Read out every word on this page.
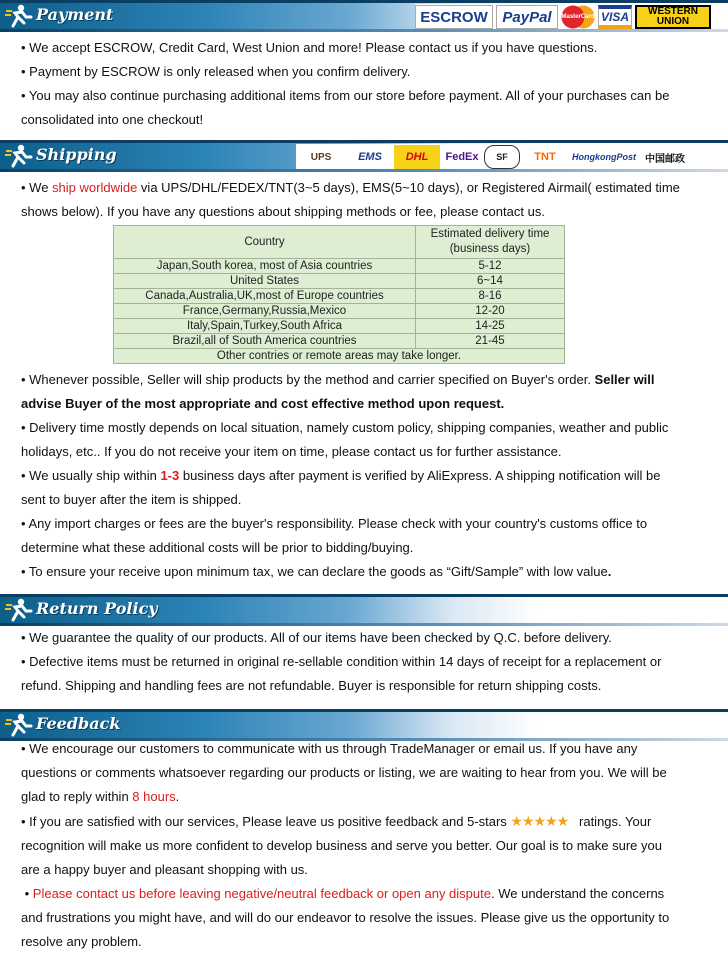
Payment	ESCROW PayPal	MasterCard VISA	WESTERN
UNION
• We accept ESCROW, Credit Card, West Union and more! Please contact us if you have questions.
• Payment by ESCROW is only released when you confirm delivery.
• You may also continue purchasing additional items from our store before payment. All of your purchases can be
consolidated into one checkout!
Shipping	UPS	EMS	DHL	FedEx	SF	TNT	HongkongPost 中国邮政
• We ship worldwide via UPS/DHL/FEDEX/TNT(3~5 days), EMS(5~10 days), or Registered Airmail( estimated time
shows below). If you have any questions about shipping methods or fee, please contact us.
Country	Estimated delivery time
(business days)
Japan,South korea, most of Asia countries	5-12
United States	6~14
Canada,Australia,UK,most of Europe countries	8-16
France,Germany,Russia,Mexico	12-20
Italy,Spain,Turkey,South Africa	14-25
Brazil,all of South America countries	21-45
Other contries or remote areas may take longer.	
• Whenever possible, Seller will ship products by the method and carrier specified on Buyer's order. Seller will
advise Buyer of the most appropriate and cost effective method upon request.
• Delivery time mostly depends on local situation, namely custom policy, shipping companies, weather and public
holidays, etc.. If you do not receive your item on time, please contact us for further assistance.
• We usually ship within 1-3 business days after payment is verified by AliExpress. A shipping notification will be
sent to buyer after the item is shipped.
• Any import charges or fees are the buyer's responsibility. Please check with your country's customs office to
determine what these additional costs will be prior to bidding/buying.
• To ensure your receive upon minimum tax, we can declare the goods as “Gift/Sample” with low value.
Return Policy
• We guarantee the quality of our products. All of our items have been checked by Q.C. before delivery.
• Defective items must be returned in original re-sellable condition within 14 days of receipt for a replacement or
refund. Shipping and handling fees are not refundable. Buyer is responsible for return shipping costs.
Feedback
• We encourage our customers to communicate with us through TradeManager or email us. If you have any
questions or comments whatsoever regarding our products or listing, we are waiting to hear from you. We will be
glad to reply within 8 hours.
• If you are satisfied with our services, Please leave us positive feedback and 5-stars ★★★★★   ratings. Your
recognition will make us more confident to develop business and serve you better. Our goal is to make sure you
are a happy buyer and pleasant shopping with us.
• Please contact us before leaving negative/neutral feedback or open any dispute. We understand the concerns
and frustrations you might have, and will do our endeavor to resolve the issues. Please give us the opportunity to
resolve any problem.
